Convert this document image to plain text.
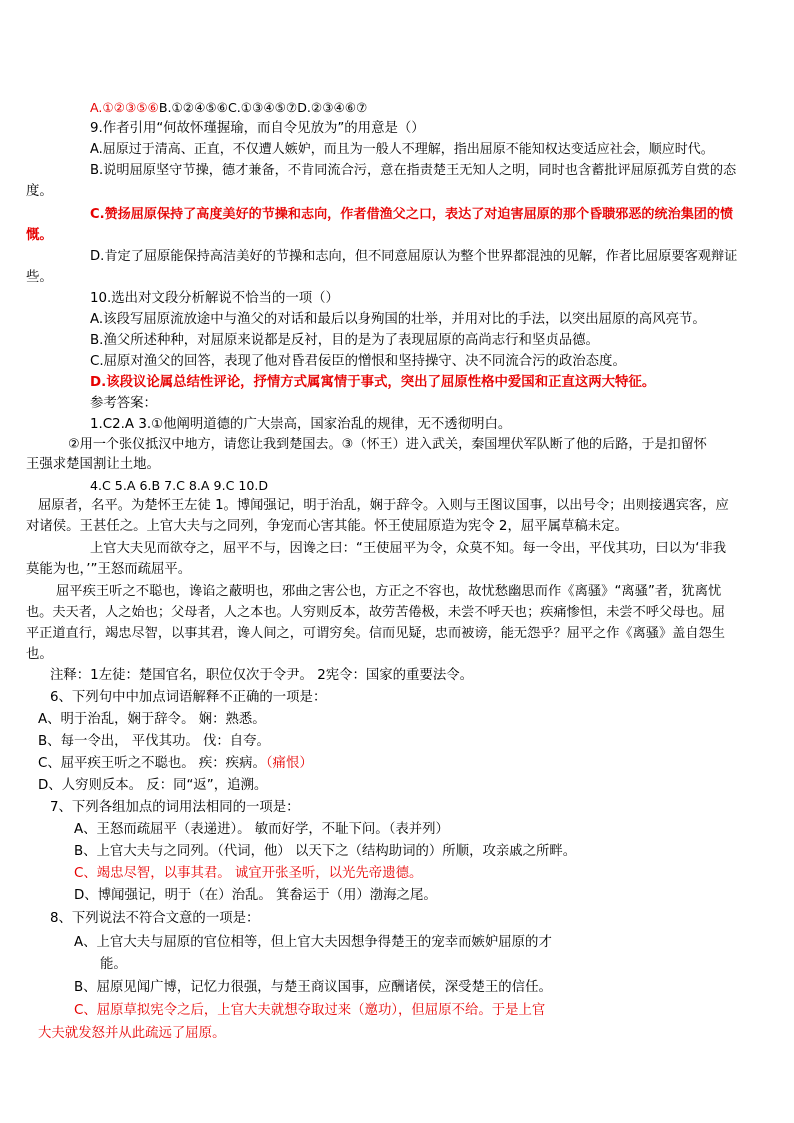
A.①②③⑤⑥B.①②④⑤⑥C.①③④⑤⑦D.②③④⑥⑦
9.作者引用“何故怀瑾握瑜，而自令见放为”的用意是（）
A.屈原过于清高、正直，不仅遭人嫉妒，而且为一般人不理解，指出屈原不能知权达变适应社会，顺应时代。
B.说明屈原坚守节操，德才兼备，不肯同流合污，意在指责楚王无知人之明，同时也含蓄批评屈原孤芳自赏的态
度。
C.赞扬屈原保持了高度美好的节操和志向，作者借渔父之口，表达了对迫害屈原的那个昏聩邪恶的统治集团的愤
慨。
D.肯定了屈原能保持高洁美好的节操和志向，但不同意屈原认为整个世界都混浊的见解，作者比屈原要客观辩证
些。
10.选出对文段分析解说不恰当的一项（）
A.该段写屈原流放途中与渔父的对话和最后以身殉国的壮举，并用对比的手法，以突出屈原的高风亮节。
B.渔父所述种种，对屈原来说都是反衬，目的是为了表现屈原的高尚志行和坚贞品德。
C.屈原对渔父的回答，表现了他对昏君佞臣的憎恨和坚持操守、决不同流合污的政治态度。
D.该段议论属总结性评论，抒情方式属寓情于事式，突出了屈原性格中爱国和正直这两大特征。
参考答案：
1.C2.A 3.①他阐明道德的广大崇高，国家治乱的规律，无不透彻明白。
②用一个张仪抵汉中地方，请您让我到楚国去。③（怀王）进入武关，秦国埋伏军队断了他的后路，于是扣留怀
王强求楚国割让土地。
4.C 5.A 6.B 7.C 8.A 9.C 10.D
屈原者，名平。为楚怀王左徒 1。博闻强记，明于治乱，娴于辞令。入则与王图议国事，以出号令；出则接遇宾客，应
对诸侯。王甚任之。上官大夫与之同列，争宠而心害其能。怀王使屈原造为宪令 2，屈平属草稿未定。
上官大夫见而欲夺之，屈平不与，因谗之曰：“王使屈平为令，众莫不知。每一令出，平伐其功，曰以为‘非我
莫能为也，’”王怒而疏屈平。
屈平疾王听之不聪也，谗谄之蔽明也，邪曲之害公也，方正之不容也，故忧愁幽思而作《离骚》“离骚”者，犹离忧
也。夫天者，人之始也；父母者，人之本也。人穷则反本，故劳苦倦极，未尝不呼天也；疾痛惨怛，未尝不呼父母也。屈
平正道直行，竭忠尽智，以事其君，谗人间之，可谓穷矣。信而见疑，忠而被谤，能无怨乎？屈平之作《离骚》盖自怨生
也。
注释：1左徒：楚国官名，职位仅次于令尹。 2宪令：国家的重要法令。
6、下列句中中加点词语解释不正确的一项是：
A、明于治乱，娴于辞令。 娴：熟悉。
B、每一令出， 平伐其功。 伐：自夸。
C、屈平疾王听之不聪也。 疾：疾病。（痛恨）
D、人穷则反本。 反：同“返”，追溯。
7、下列各组加点的词用法相同的一项是：
A、王怒而疏屈平（表递进）。 敏而好学，不耻下问。（表并列）
B、上官大夫与之同列。（代词，他） 以天下之（结构助词的）所顺，攻亲戚之所畔。
C、竭忠尽智，以事其君。 诚宜开张圣听，以光先帝遗德。
D、博闻强记，明于（在）治乱。 箕畚运于（用）渤海之尾。
8、下列说法不符合文意的一项是：
A、上官大夫与屈原的官位相等，但上官大夫因想争得楚王的宠幸而嫉妒屈原的才
能。
B、屈原见闻广博，记忆力很强，与楚王商议国事，应酬诸侯，深受楚王的信任。
C、屈原草拟宪令之后，上官大夫就想夺取过来（邀功），但屈原不给。于是上官
大夫就发怒并从此疏远了屈原。
